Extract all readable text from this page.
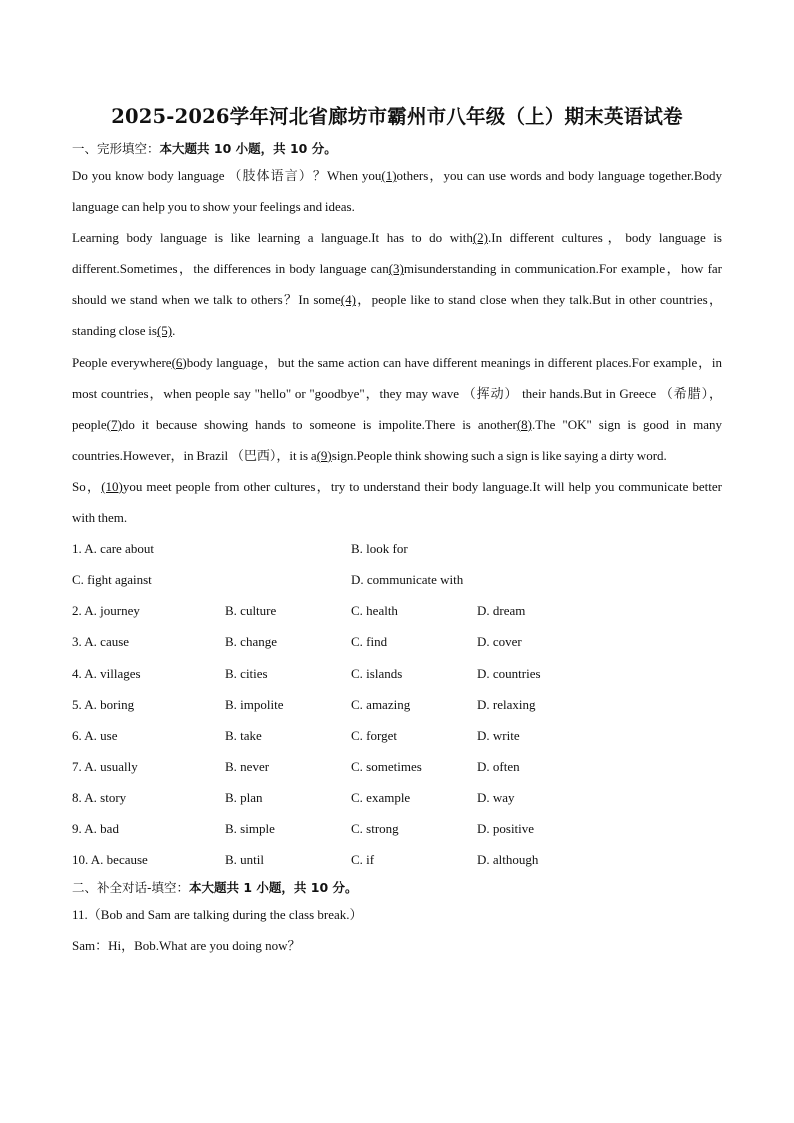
2025-2026学年河北省廊坊市霸州市八年级（上）期末英语试卷
一、完形填空：本大题共 10 小题，共 10 分。

Do you know body language （肢体语言）？When you(1)others，you can use words and body language together.Body language can help you to show your feelings and ideas.

Learning body language is like learning a language.It has to do with(2).In different cultures，body language is different.Sometimes，the differences in body language can(3)misunderstanding in communication.For example，how far should we stand when we talk to others？In some(4)，people like to stand close when they talk.But in other countries，standing close is(5).

People everywhere(6)body language，but the same action can have different meanings in different places.For example，in most countries，when people say "hello" or "goodbye"，they may wave （挥动） their hands.But in Greece （希腊），people(7)do it because showing hands to someone is impolite.There is another(8).The "OK" sign is good in many countries.However，in Brazil （巴西），it is a(9)sign.People think showing such a sign is like saying a dirty word.

So，(10)you meet people from other cultures，try to understand their body language.It will help you communicate better with them.

1. A. care about	B. look for
C. fight against	D. communicate with
2. A. journey	B. culture	C. health	D. dream
3. A. cause	B. change	C. find	D. cover
4. A. villages	B. cities	C. islands	D. countries
5. A. boring	B. impolite	C. amazing	D. relaxing
6. A. use	B. take	C. forget	D. write
7. A. usually	B. never	C. sometimes	D. often
8. A. story	B. plan	C. example	D. way
9. A. bad	B. simple	C. strong	D. positive
10. A. because	B. until	C. if	D. although
二、补全对话-填空：本大题共 1 小题，共 10 分。

11.（Bob and Sam are talking during the class break.）

Sam：Hi，Bob.What are you doing now？
